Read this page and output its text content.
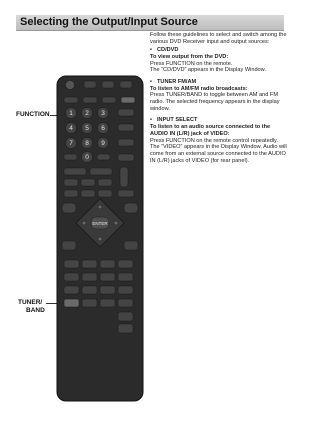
Selecting the Output/Input Source

Follow these guidelines to select and switch among the various DVD Receiver input and output sources:

• CD/DVD

To view output from the DVD:

Press FUNCTION on the remote.

The “CD/DVD” appears in the Display Window.

• TUNER FM/AM

To listen to AM/FM radio broadcasts:

Press TUNER/BAND to toggle between AM and FM radio. The selected frequency appears in the display window.

• INPUT SELECT

To listen to an audio source connected to the AUDIO IN (L/R) jack of VIDEO:

Press FUNCTION on the remote control repeatedly. The “VIDEO” appears in the Display Window. Audio will come from an external source connected to the AUDIO IN (L/R) jacks of VIDEO (for rear panel).

FUNCTION
TUNER/
BAND
1 2 3
4 5 6
7 8 9
0
ENTER
